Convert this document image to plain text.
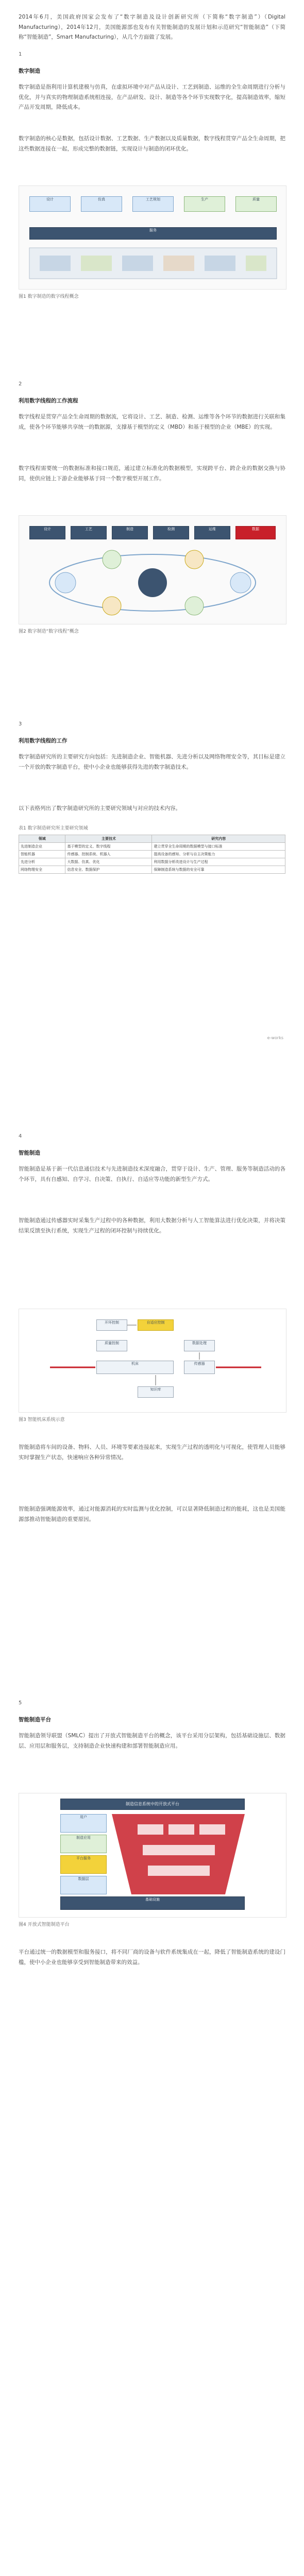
2014年6月，美国政府国家会发布了“数字制造及设计创新研究所（下简称“数字制造”）（Digital Manufacturing），2014年12月，美国能源部也发布有关智能制造的发展计划和示范研究“智能制造”（下简称“智能制造”，Smart Manufacturing），从几个方面做了发展。
1
数字制造
数字制造是指利用计算机建模与仿真，在虚拟环境中对产品从设计、工艺到制造、运维的全生命周期进行分析与优化，并与真实的物理制造系统相连接，在产品研发、设计、制造等各个环节实现数字化，提高制造效率，缩短产品开发周期，降低成本。
数字制造的核心是数据，包括设计数据、工艺数据、生产数据以及质量数据，数字线程贯穿产品全生命周期，把这些数据连接在一起，形成完整的数据链，实现设计与制造的闭环优化。
设计	仿真	工艺规划	生产	质量
服务
图1 数字制造的数字线程概念
2
利用数字线程的工作流程
数字线程是贯穿产品全生命周期的数据流，它将设计、工艺、制造、检测、运维等各个环节的数据进行关联和集成，使各个环节能够共享统一的数据源，支撑基于模型的定义（MBD）和基于模型的企业（MBE）的实现。
数字线程需要统一的数据标准和接口规范，通过建立标准化的数据模型，实现跨平台、跨企业的数据交换与协同，使供应链上下游企业能够基于同一个数字模型开展工作。
设计	工艺	制造	检测	运维	数据
图2 数字制造“数字线程”概念
3
利用数字线程的工作
数字制造研究所的主要研究方向包括：先进制造企业、智能机器、先进分析以及网络物理安全等，其目标是建立一个开放的数字制造平台，使中小企业也能够获得先进的数字制造技术。
以下表格列出了数字制造研究所的主要研究领域与对应的技术内容。
表1 数字制造研究所主要研究领域
领域	主要技术	研究内容
先进制造企业	基于模型的定义、数字线程	建立贯穿全生命周期的数据模型与接口标准
智能机器	传感器、控制系统、机器人	提高设备的感知、分析与自主决策能力
先进分析	大数据、仿真、优化	利用数据分析改进设计与生产过程
网络物理安全	信息安全、数据保护	保障制造系统与数据的安全可靠
e-works
4
智能制造
智能制造是基于新一代信息通信技术与先进制造技术深度融合，贯穿于设计、生产、管理、服务等制造活动的各个环节，具有自感知、自学习、自决策、自执行、自适应等功能的新型生产方式。
智能制造通过传感器实时采集生产过程中的各种数据，利用大数据分析与人工智能算法进行优化决策，并将决策结果反馈至执行系统，实现生产过程的闭环控制与持续优化。
开环控制	自适应控制
质量控制
机床	传感器
数据处理
知识库
图3 智能机床系统示意
智能制造将车间的设备、物料、人员、环境等要素连接起来，实现生产过程的透明化与可视化，使管理人员能够实时掌握生产状态，快速响应各种异常情况。
智能制造强调能源效率，通过对能源消耗的实时监测与优化控制，可以显著降低制造过程的能耗，这也是美国能源部推动智能制造的重要原因。
5
智能制造平台
智能制造领导联盟（SMLC）提出了开放式智能制造平台的概念，该平台采用分层架构，包括基础设施层、数据层、应用层和服务层，支持制造企业快速构建和部署智能制造应用。
制造信息系统中的开放式平台
用户
制造应用
平台服务
数据层
基础设施
图4 开放式智能制造平台
平台通过统一的数据模型和服务接口，将不同厂商的设备与软件系统集成在一起，降低了智能制造系统的建设门槛，使中小企业也能够享受到智能制造带来的效益。
